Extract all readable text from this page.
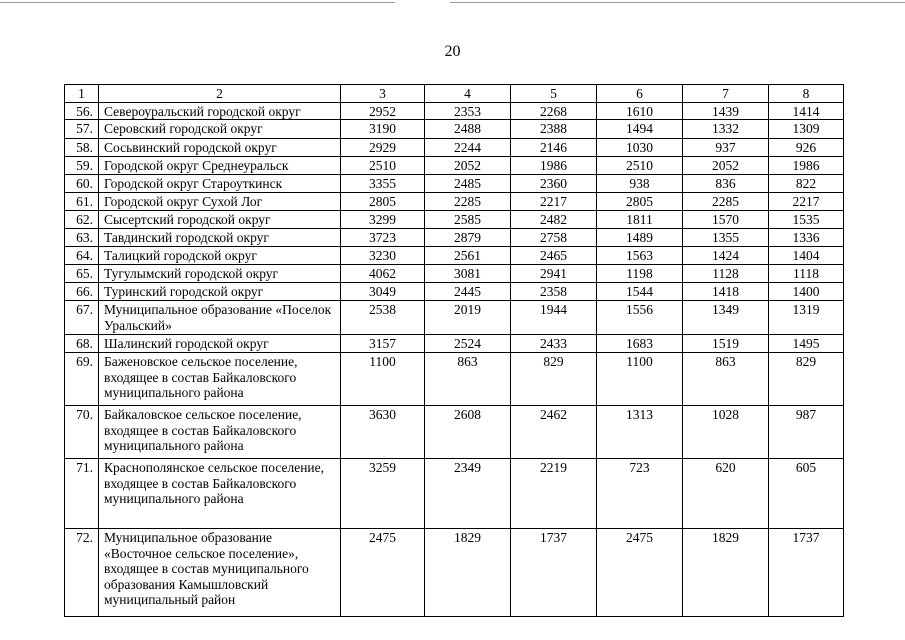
20
1	2	3	4	5	6	7	8
56.	Североуральский городской округ	2952	2353	2268	1610	1439	1414
57.	Серовский городской округ	3190	2488	2388	1494	1332	1309
58.	Сосьвинский городской округ	2929	2244	2146	1030	937	926
59.	Городской округ Среднеуральск	2510	2052	1986	2510	2052	1986
60.	Городской округ Староуткинск	3355	2485	2360	938	836	822
61.	Городской округ Сухой Лог	2805	2285	2217	2805	2285	2217
62.	Сысертский городской округ	3299	2585	2482	1811	1570	1535
63.	Тавдинский городской округ	3723	2879	2758	1489	1355	1336
64.	Талицкий городской округ	3230	2561	2465	1563	1424	1404
65.	Тугулымский городской округ	4062	3081	2941	1198	1128	1118
66.	Туринский городской округ	3049	2445	2358	1544	1418	1400
67.	Муниципальное образование «Поселок Уральский»	2538	2019	1944	1556	1349	1319
68.	Шалинский городской округ	3157	2524	2433	1683	1519	1495
69.	Баженовское сельское поселение, входящее в состав Байкаловского муниципального района	1100	863	829	1100	863	829
70.	Байкаловское сельское поселение, входящее в состав Байкаловского муниципального района	3630	2608	2462	1313	1028	987
71.	Краснополянское сельское поселение, входящее в состав Байкаловского муниципального района	3259	2349	2219	723	620	605
72.	Муниципальное образование «Восточное сельское поселение», входящее в состав муниципального образования Камышловский муниципальный район	2475	1829	1737	2475	1829	1737
